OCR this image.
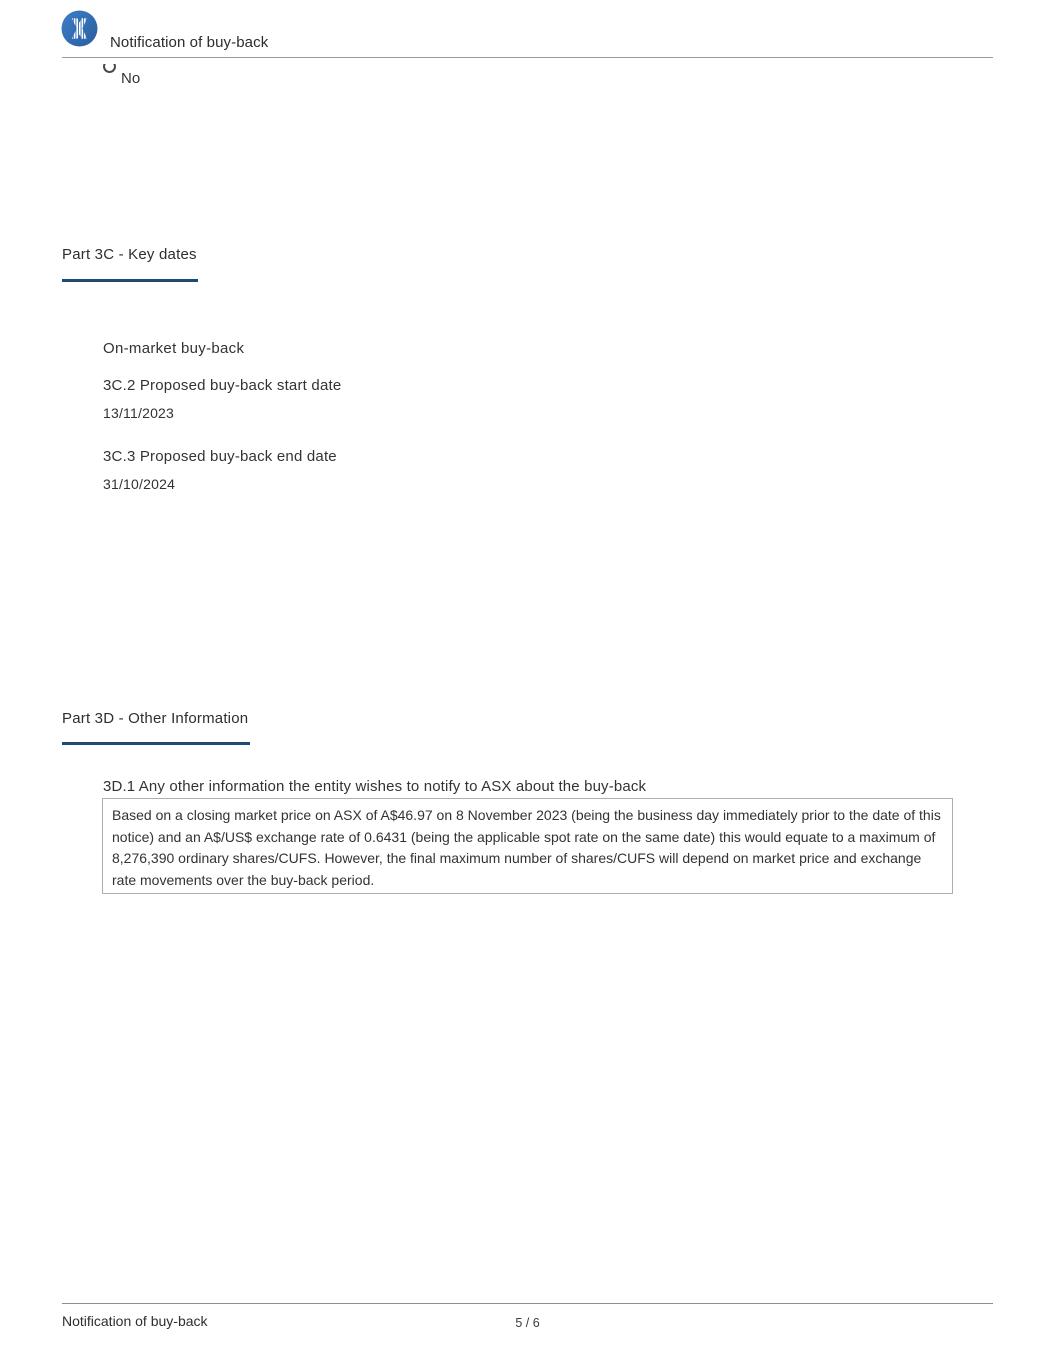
Notification of buy-back
No
Part 3C - Key dates
On-market buy-back
3C.2 Proposed buy-back start date
13/11/2023
3C.3 Proposed buy-back end date
31/10/2024
Part 3D - Other Information
3D.1 Any other information the entity wishes to notify to ASX about the buy-back
Based on a closing market price on ASX of A$46.97 on 8 November 2023 (being the business day immediately prior to the date of this notice) and an A$/US$ exchange rate of 0.6431 (being the applicable spot rate on the same date) this would equate to a maximum of 8,276,390 ordinary shares/CUFS. However, the final maximum number of shares/CUFS will depend on market price and exchange rate movements over the buy-back period.
Notification of buy-back	5 / 6
